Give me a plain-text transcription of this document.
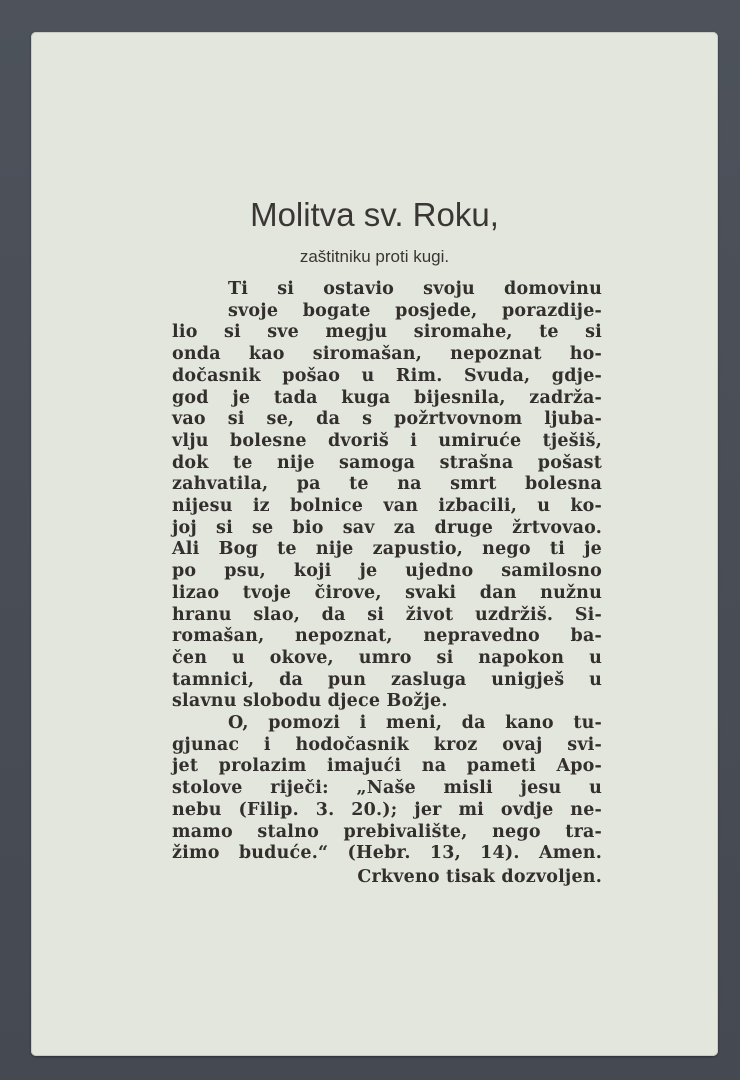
Molitva sv. Roku,
zaštitniku proti kugi.
Ti si ostavio svoju domovinu
svoje bogate posjede, porazdije-
lio si sve megju siromahe, te si
onda kao siromašan, nepoznat ho-
dočasnik pošao u Rim. Svuda, gdje-
god je tada kuga bijesnila, zadrža-
vao si se, da s požrtvovnom ljuba-
vlju bolesne dvoriš i umiruće tješiš,
dok te nije samoga strašna pošast
zahvatila, pa te na smrt bolesna
nijesu iz bolnice van izbacili, u ko-
joj si se bio sav za druge žrtvovao.
Ali Bog te nije zapustio, nego ti je
po psu, koji je ujedno samilosno
lizao tvoje čirove, svaki dan nužnu
hranu slao, da si život uzdržiš. Si-
romašan, nepoznat, nepravedno ba-
čen u okove, umro si napokon u
tamnici, da pun zasluga unigješ u
slavnu slobodu djece Božje.
O, pomozi i meni, da kano tu-
gjunac i hodočasnik kroz ovaj svi-
jet prolazim imajući na pameti Apo-
stolove riječi: „Naše misli jesu u
nebu (Filip. 3. 20.); jer mi ovdje ne-
mamo stalno prebivalište, nego tra-
žimo buduće.“ (Hebr. 13, 14). Amen.
Crkveno tisak dozvoljen.
